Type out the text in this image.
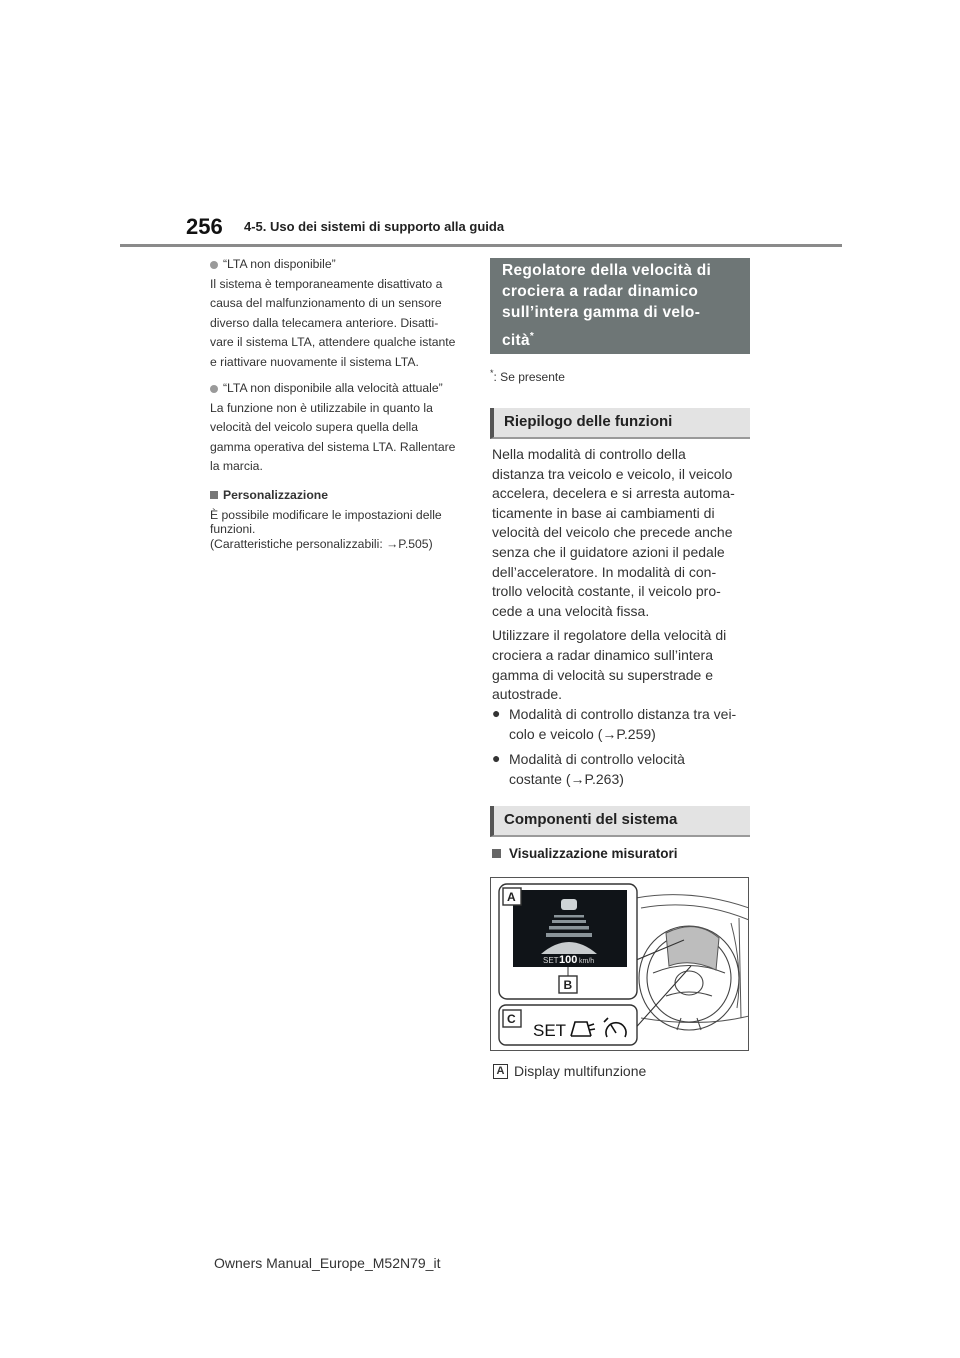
256 4-5. Uso dei sistemi di supporto alla guida

“LTA non disponibile”

Il sistema è temporaneamente disattivato a

causa del malfunzionamento di un sensore

diverso dalla telecamera anteriore. Disatti-

vare il sistema LTA, attendere qualche istante

e riattivare nuovamente il sistema LTA.

“LTA non disponibile alla velocità attuale”

La funzione non è utilizzabile in quanto la

velocità del veicolo supera quella della

gamma operativa del sistema LTA. Rallentare

la marcia.

Personalizzazione

È possibile modificare le impostazioni delle

funzioni.

(Caratteristiche personalizzabili: →P.505)

Regolatore della velocità di
crociera a radar dinamico
sull’intera gamma di velo-
cità*
*: Se presente
Riepilogo delle funzioni

Nella modalità di controllo della

distanza tra veicolo e veicolo, il veicolo

accelera, decelera e si arresta automa-

ticamente in base ai cambiamenti di

velocità del veicolo che precede anche

senza che il guidatore azioni il pedale

dell’acceleratore. In modalità di con-

trollo velocità costante, il veicolo pro-

cede a una velocità fissa.

Utilizzare il regolatore della velocità di

crociera a radar dinamico sull’intera

gamma di velocità su superstrade e

autostrade.

● Modalità di controllo distanza tra vei-

colo e veicolo (→P.259)

● Modalità di controllo velocità

costante (→P.263)

Componenti del sistema
Visualizzazione misuratori
SET 100 km/h
B
A
C
SET
A Display multifunzione
Owners Manual_Europe_M52N79_it
